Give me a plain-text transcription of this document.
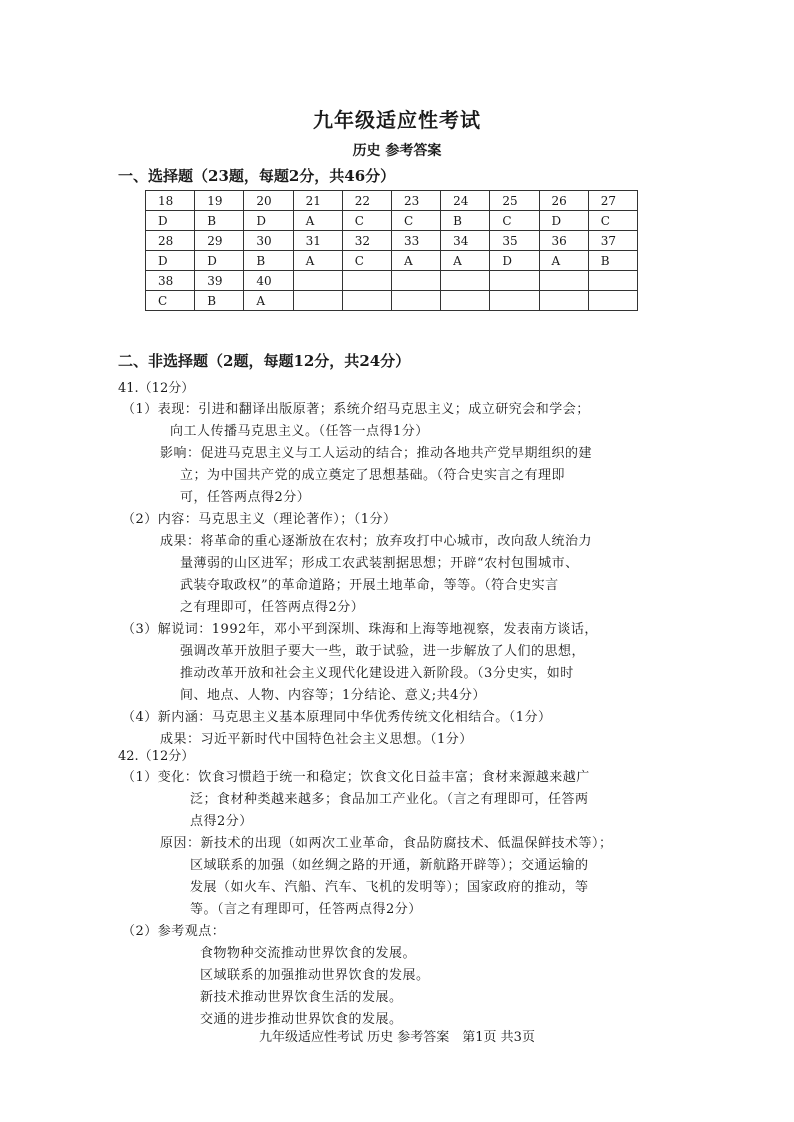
九年级适应性考试
历史 参考答案
一、选择题（23题，每题2分，共46分）
18	19	20	21	22	23	24	25	26	27
D	B	D	A	C	C	B	C	D	C
28	29	30	31	32	33	34	35	36	37
D	D	B	A	C	A	A	D	A	B
38	39	40							
C	B	A							
二、非选择题（2题，每题12分，共24分）
41.（12分）
（1）表现：引进和翻译出版原著；系统介绍马克思主义；成立研究会和学会；
向工人传播马克思主义。（任答一点得1分）
影响：促进马克思主义与工人运动的结合；推动各地共产党早期组织的建
立；为中国共产党的成立奠定了思想基础。（符合史实言之有理即
可，任答两点得2分）
（2）内容：马克思主义（理论著作）；（1分）
成果：将革命的重心逐渐放在农村；放弃攻打中心城市，改向敌人统治力
量薄弱的山区进军；形成工农武装割据思想；开辟“农村包围城市、
武装夺取政权”的革命道路；开展土地革命，等等。（符合史实言
之有理即可，任答两点得2分）
（3）解说词：1992年，邓小平到深圳、珠海和上海等地视察，发表南方谈话，
强调改革开放胆子要大一些，敢于试验，进一步解放了人们的思想，
推动改革开放和社会主义现代化建设进入新阶段。（3分史实，如时
间、地点、人物、内容等；1分结论、意义;共4分）
（4）新内涵：马克思主义基本原理同中华优秀传统文化相结合。（1分）
成果：习近平新时代中国特色社会主义思想。（1分）
42.（12分）
（1）变化：饮食习惯趋于统一和稳定；饮食文化日益丰富；食材来源越来越广
泛；食材种类越来越多；食品加工产业化。（言之有理即可，任答两
点得2分）
原因：新技术的出现（如两次工业革命，食品防腐技术、低温保鲜技术等）；
区域联系的加强（如丝绸之路的开通，新航路开辟等）；交通运输的
发展（如火车、汽船、汽车、飞机的发明等）；国家政府的推动，等
等。（言之有理即可，任答两点得2分）
（2）参考观点：
食物物种交流推动世界饮食的发展。
区域联系的加强推动世界饮食的发展。
新技术推动世界饮食生活的发展。
交通的进步推动世界饮食的发展。
九年级适应性考试 历史 参考答案　第1页 共3页
